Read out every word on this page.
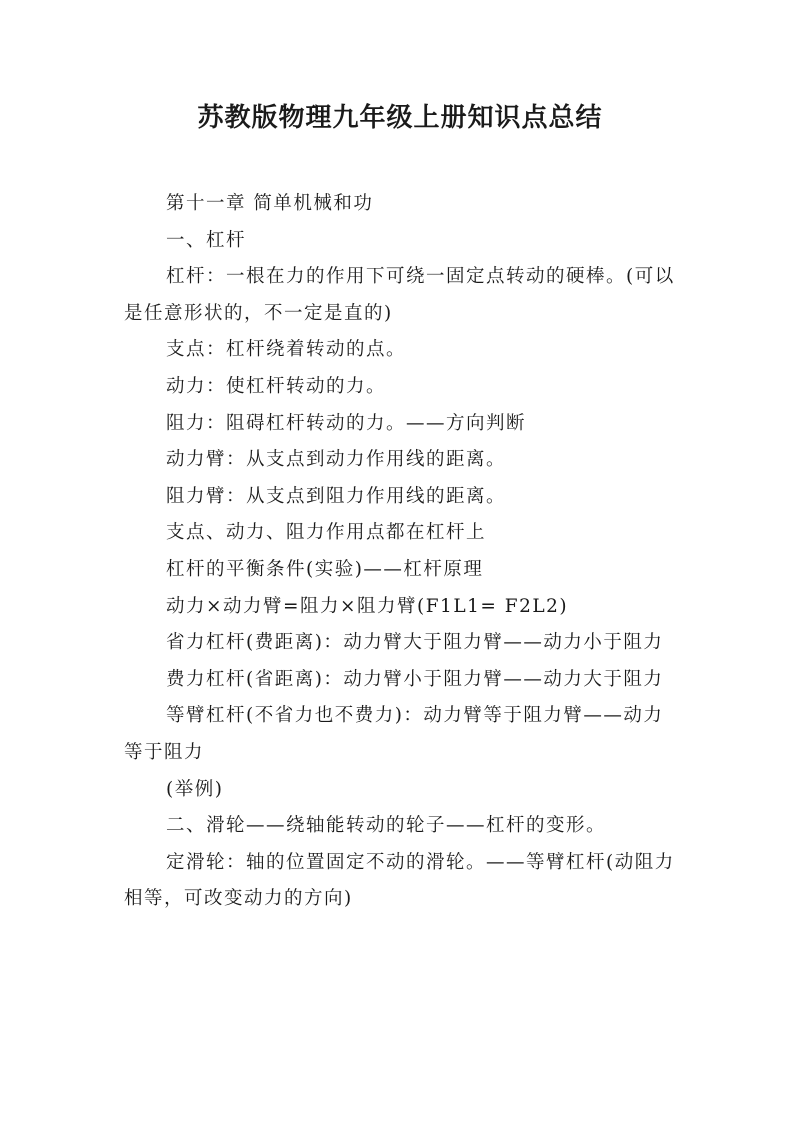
苏教版物理九年级上册知识点总结

第十一章 简单机械和功

一、杠杆

杠杆：一根在力的作用下可绕一固定点转动的硬棒。(可以是任意形状的，不一定是直的)

支点：杠杆绕着转动的点。

动力：使杠杆转动的力。

阻力：阻碍杠杆转动的力。——方向判断

动力臂：从支点到动力作用线的距离。

阻力臂：从支点到阻力作用线的距离。

支点、动力、阻力作用点都在杠杆上

杠杆的平衡条件(实验)——杠杆原理

动力×动力臂=阻力×阻力臂(F1L1= F2L2)

省力杠杆(费距离)：动力臂大于阻力臂——动力小于阻力

费力杠杆(省距离)：动力臂小于阻力臂——动力大于阻力

等臂杠杆(不省力也不费力)：动力臂等于阻力臂——动力等于阻力

(举例)

二、滑轮——绕轴能转动的轮子——杠杆的变形。

定滑轮：轴的位置固定不动的滑轮。——等臂杠杆(动阻力相等，可改变动力的方向)
